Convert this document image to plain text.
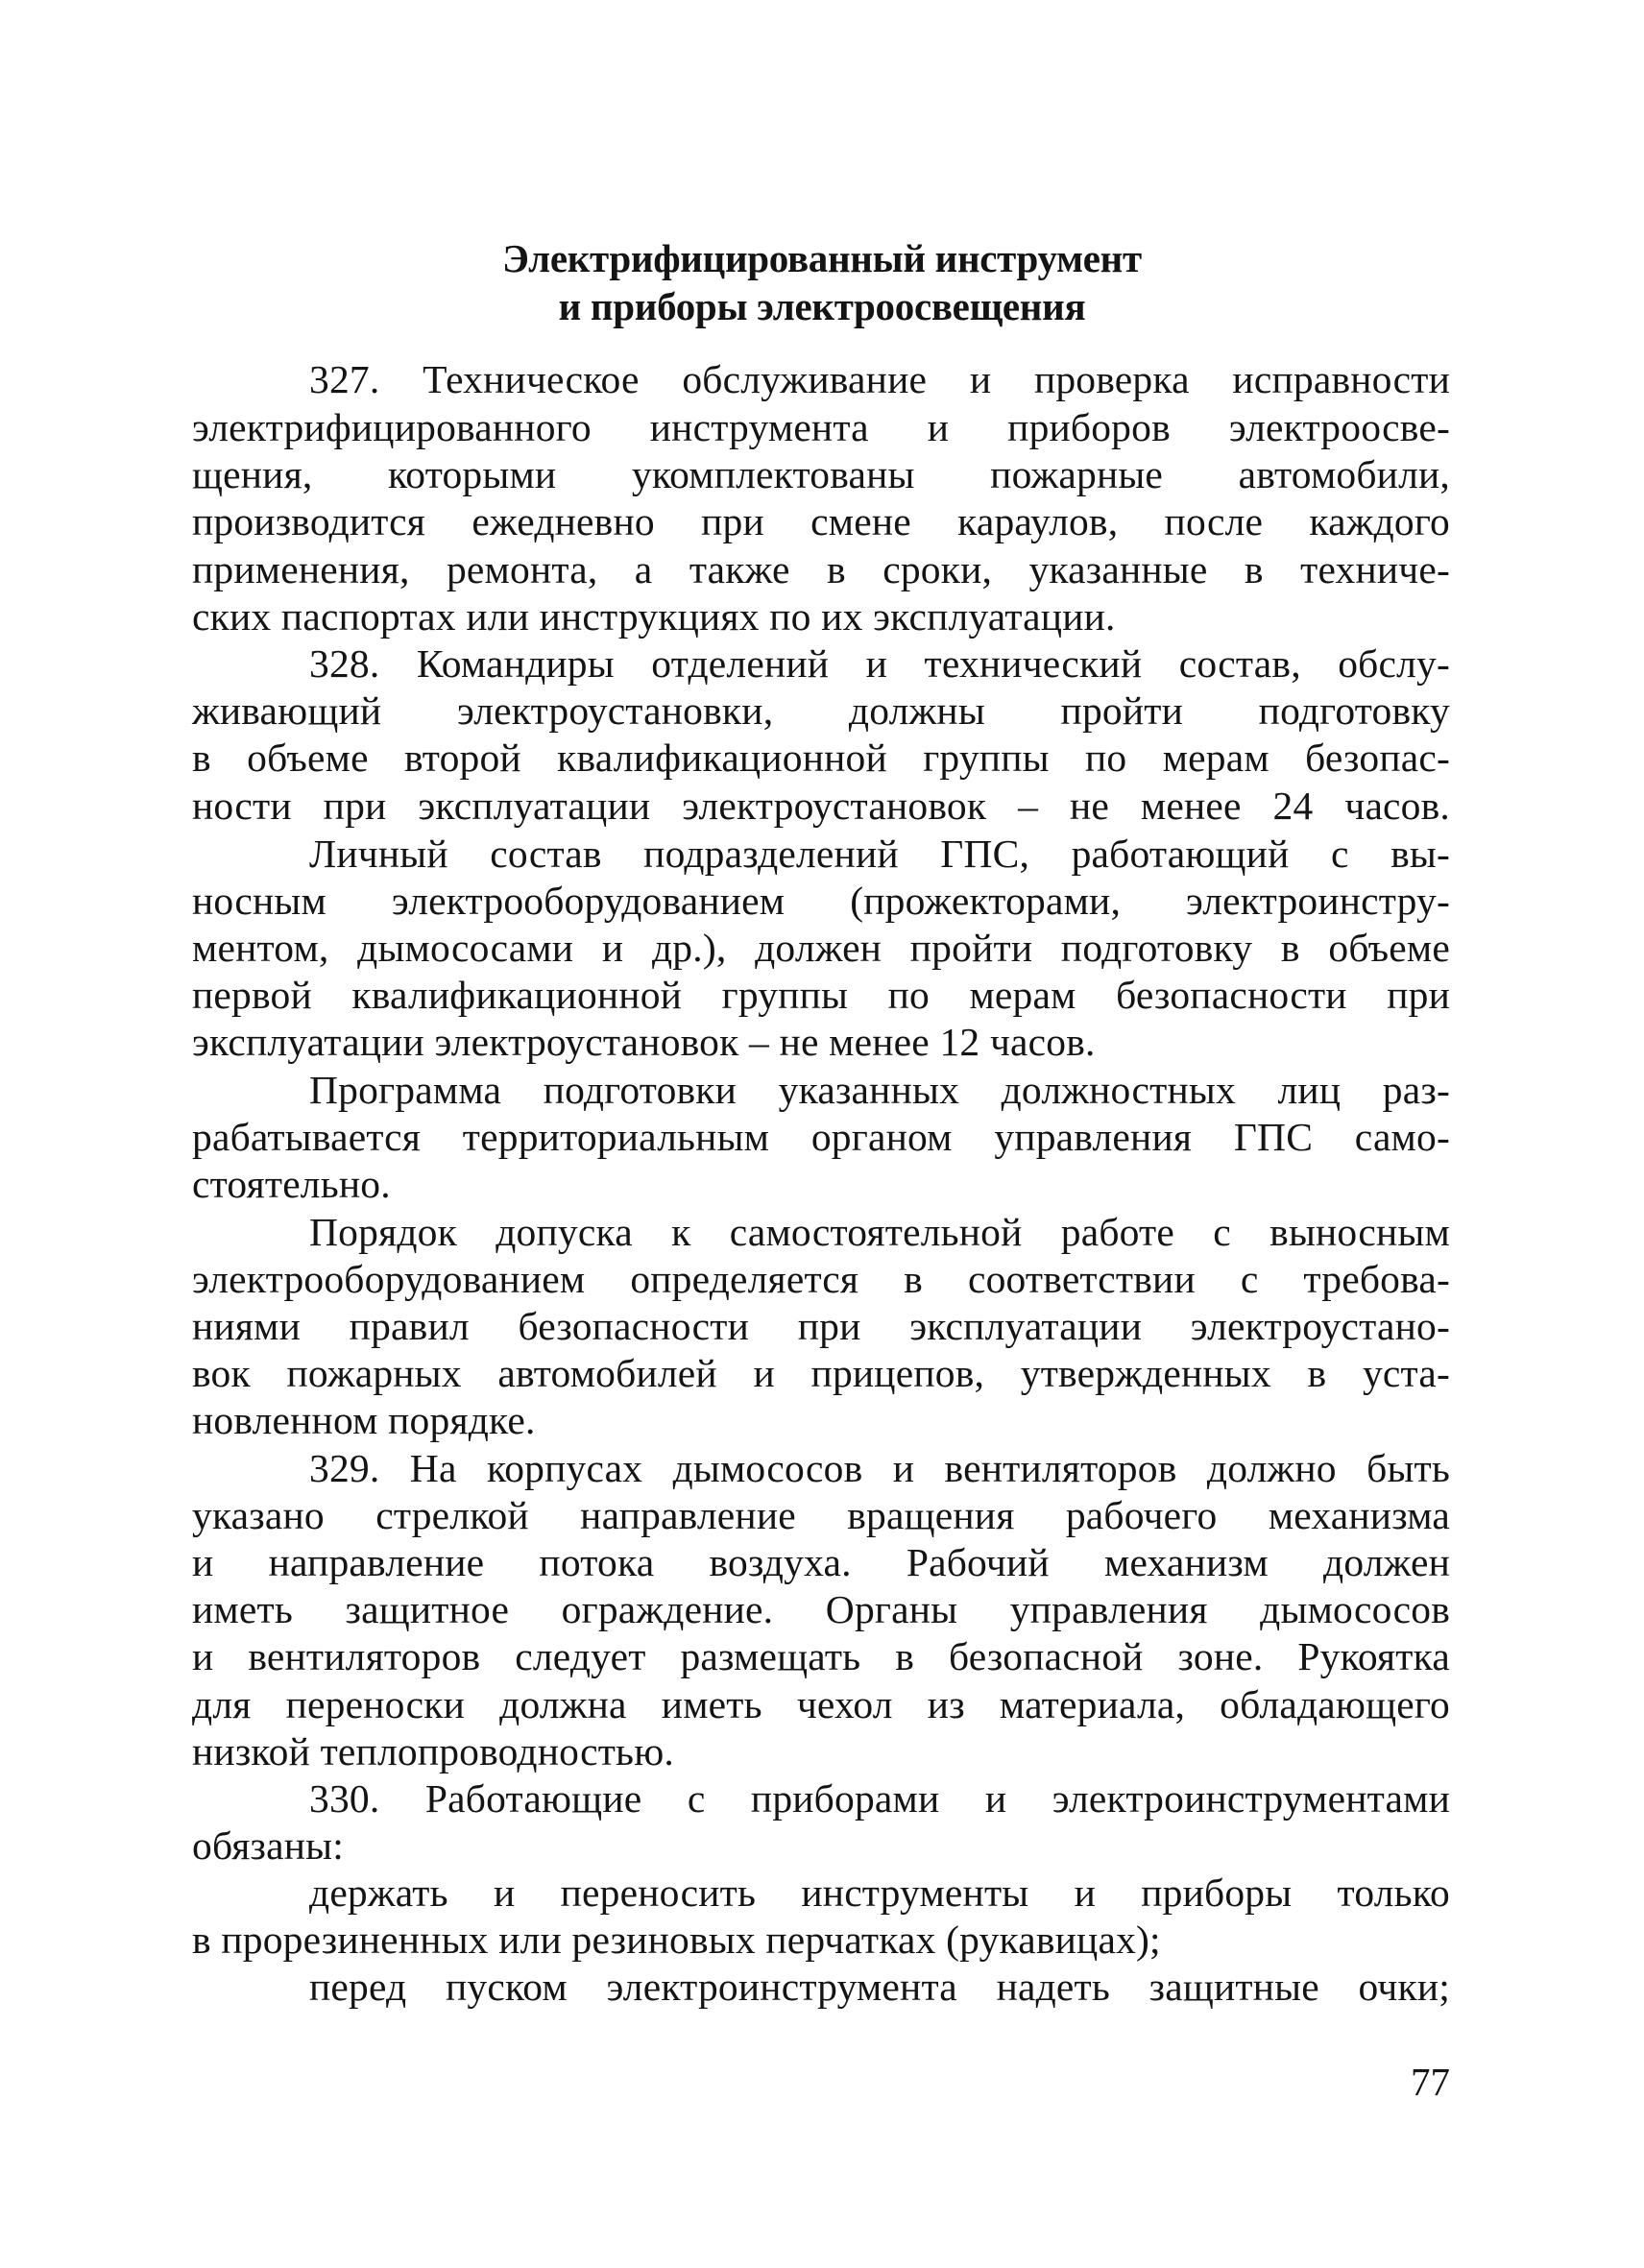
Электрифицированный инструмент
и приборы электроосвещения
327. Техническое обслуживание и проверка исправности
электрифицированного инструмента и приборов электроосве-
щения, которыми укомплектованы пожарные автомобили,
производится ежедневно при смене караулов, после каждого
применения, ремонта, а также в сроки, указанные в техниче-
ских паспортах или инструкциях по их эксплуатации.
328. Командиры отделений и технический состав, обслу-
живающий электроустановки, должны пройти подготовку
в объеме второй квалификационной группы по мерам безопас-
ности при эксплуатации электроустановок – не менее 24 часов.
Личный состав подразделений ГПС, работающий с вы-
носным электрооборудованием (прожекторами, электроинстру-
ментом, дымососами и др.), должен пройти подготовку в объеме
первой квалификационной группы по мерам безопасности при
эксплуатации электроустановок – не менее 12 часов.
Программа подготовки указанных должностных лиц раз-
рабатывается территориальным органом управления ГПС само-
стоятельно.
Порядок допуска к самостоятельной работе с выносным
электрооборудованием определяется в соответствии с требова-
ниями правил безопасности при эксплуатации электроустано-
вок пожарных автомобилей и прицепов, утвержденных в уста-
новленном порядке.
329. На корпусах дымососов и вентиляторов должно быть
указано стрелкой направление вращения рабочего механизма
и направление потока воздуха. Рабочий механизм должен
иметь защитное ограждение. Органы управления дымососов
и вентиляторов следует размещать в безопасной зоне. Рукоятка
для переноски должна иметь чехол из материала, обладающего
низкой теплопроводностью.
330. Работающие с приборами и электроинструментами
обязаны:
держать и переносить инструменты и приборы только
в прорезиненных или резиновых перчатках (рукавицах);
перед пуском электроинструмента надеть защитные очки;
77
